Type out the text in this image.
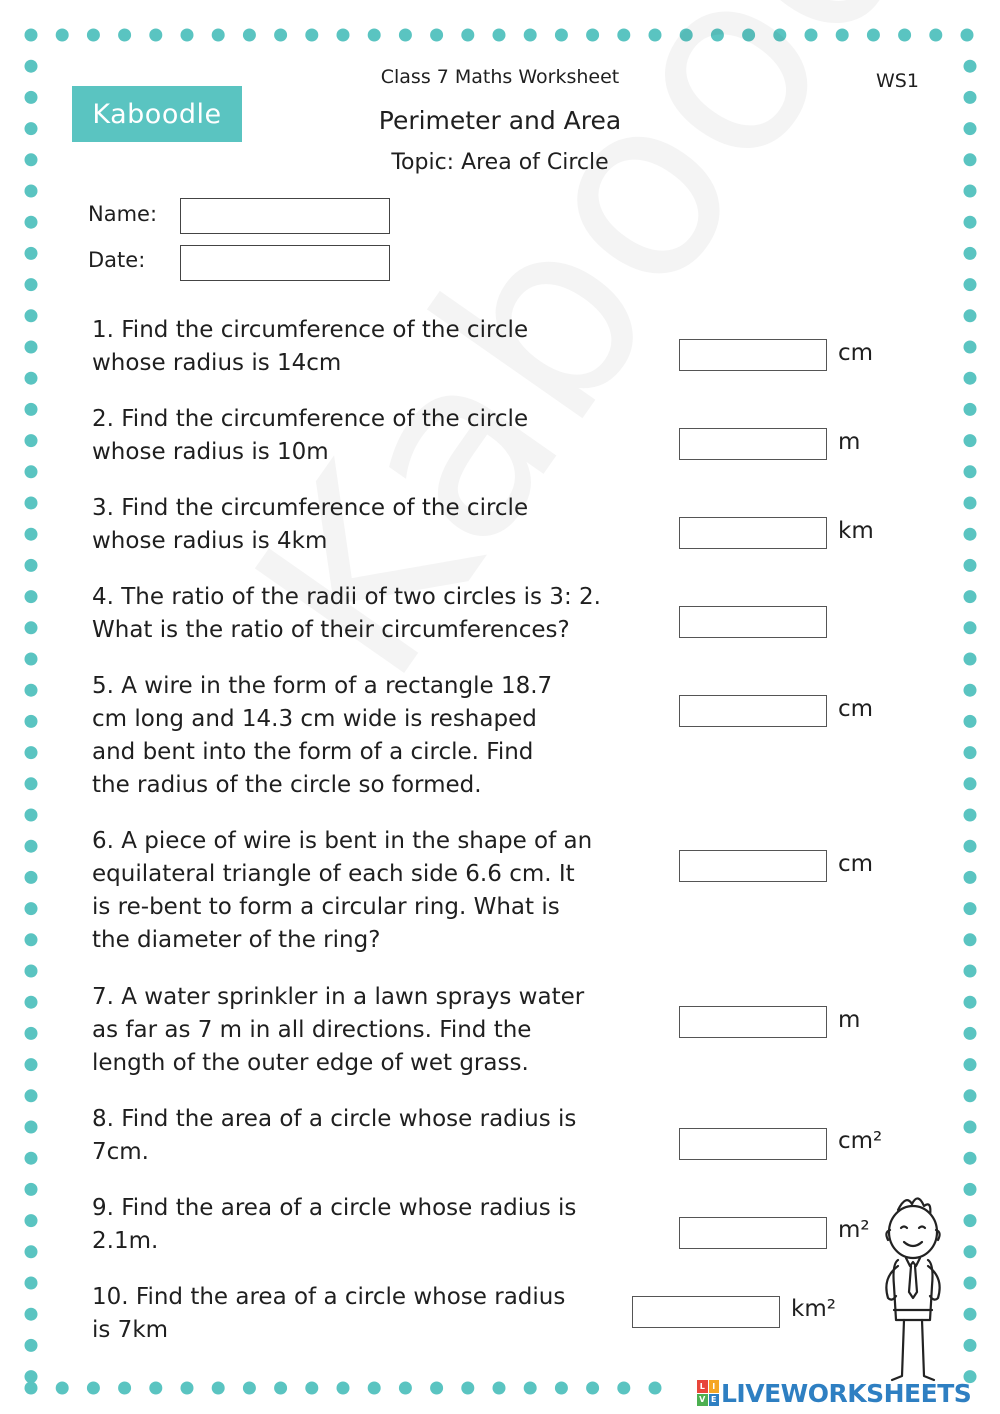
Kaboodle
Class 7 Maths Worksheet
Perimeter and Area
Topic: Area of Circle
WS1
Name:
Date:
1. Find the circumference of the circle
whose radius is 14cm	cm
2. Find the circumference of the circle
whose radius is 10m	m
3. Find the circumference of the circle
whose radius is 4km	km
4. The ratio of the radii of two circles is 3: 2.
What is the ratio of their circumferences?
5. A wire in the form of a rectangle 18.7
cm long and 14.3 cm wide is reshaped
and bent into the form of a circle. Find
the radius of the circle so formed.
cm
6. A piece of wire is bent in the shape of an
equilateral triangle of each side 6.6 cm. It
is re-bent to form a circular ring. What is
the diameter of the ring?
cm
7. A water sprinkler in a lawn sprays water
as far as 7 m in all directions. Find the
length of the outer edge of wet grass.
m
8. Find the area of a circle whose radius is
7cm.	cm²
9. Find the area of a circle whose radius is
2.1m.	m²
10. Find the area of a circle whose radius
is 7km
km²
L I
V E LIVEWORKSHEETS
